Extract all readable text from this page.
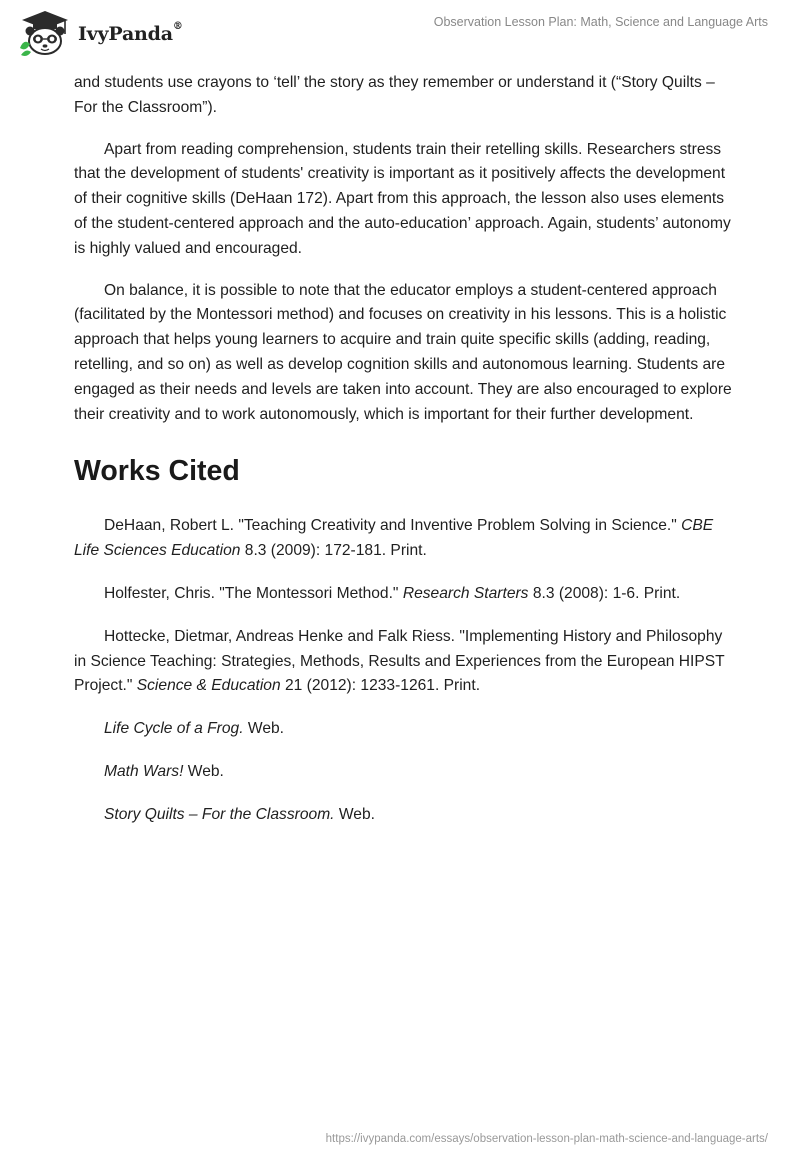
IvyPanda®	Observation Lesson Plan: Math, Science and Language Arts

and students use crayons to ‘tell’ the story as they remember or understand it (“Story Quilts – For the Classroom”).

Apart from reading comprehension, students train their retelling skills. Researchers stress that the development of students' creativity is important as it positively affects the development of their cognitive skills (DeHaan 172). Apart from this approach, the lesson also uses elements of the student-centered approach and the auto-education’ approach. Again, students’ autonomy is highly valued and encouraged.

On balance, it is possible to note that the educator employs a student-centered approach (facilitated by the Montessori method) and focuses on creativity in his lessons. This is a holistic approach that helps young learners to acquire and train quite specific skills (adding, reading, retelling, and so on) as well as develop cognition skills and autonomous learning. Students are engaged as their needs and levels are taken into account. They are also encouraged to explore their creativity and to work autonomously, which is important for their further development.

Works Cited

DeHaan, Robert L. "Teaching Creativity and Inventive Problem Solving in Science." CBE Life Sciences Education 8.3 (2009): 172-181. Print.

Holfester, Chris. "The Montessori Method." Research Starters 8.3 (2008): 1-6. Print.

Hottecke, Dietmar, Andreas Henke and Falk Riess. "Implementing History and Philosophy in Science Teaching: Strategies, Methods, Results and Experiences from the European HIPST Project." Science & Education 21 (2012): 1233-1261. Print.

Life Cycle of a Frog. Web.

Math Wars! Web.

Story Quilts – For the Classroom. Web.

https://ivypanda.com/essays/observation-lesson-plan-math-science-and-language-arts/
